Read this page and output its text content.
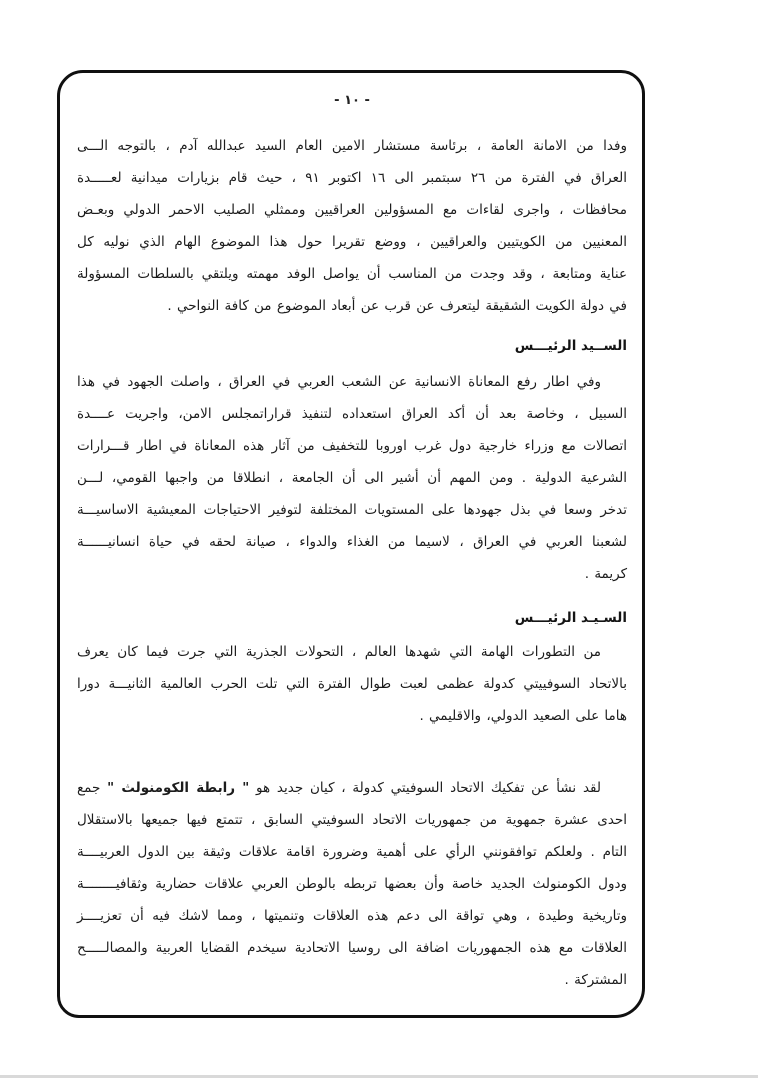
- ١٠ -
وفدا من الامانة العامة ، برئاسة مستشار الامين العام السيد عبدالله آدم ، بالتوجه الـــى
العراق في الفترة من ٢٦ سبتمبر الى ١٦ اكتوبر ٩١ ، حيث قام بزيارات ميدانية لعـــــدة
محافظات ، واجرى لقاءات مع المسؤولين العراقيين وممثلي الصليب الاحمر الدولي وبعـض
المعنيين من الكويتيين والعراقيين ، ووضع تقريرا حول هذا الموضوع الهام الذي نوليه كل
عناية ومتابعة ، وقد وجدت من المناسب أن يواصل الوفد مهمته ويلتقي بالسلطات المسؤولة
في دولة الكويت الشقيقة ليتعرف عن قرب عن أبعاد الموضوع من كافة النواحي .
الســيد الرئيـــس
وفي اطار رفع المعاناة الانسانية عن الشعب العربي في العراق ، واصلت الجهود في هذا
السبيل ، وخاصة بعد أن أكد العراق استعداده لتنفيذ قراراتمجلس الامن، واجريت عــــدة
اتصالات مع وزراء خارجية دول غرب اوروبا للتخفيف من آثار هذه المعاناة في اطار قـــرارات
الشرعية الدولية . ومن المهم أن أشير الى أن الجامعة ، انطلاقا من واجبها القومي، لـــن
تدخر وسعا في بذل جهودها على المستويات المختلفة لتوفير الاحتياجات المعيشية الاساسيـــة
لشعبنا العربي في العراق ، لاسيما من الغذاء والدواء ، صيانة لحقه في حياة انسانيــــــة
كريمة .
السـيـد الرئيـــس
من التطورات الهامة التي شهدها العالم ، التحولات الجذرية التي جرت فيما كان يعرف
بالاتحاد السوفييتي كدولة عظمى لعبت طوال الفترة التي تلت الحرب العالمية الثانيـــة دورا
هاما على الصعيد الدولي، والاقليمي .
لقد نشأ عن تفكيك الاتحاد السوفيتي كدولة ، كيان جديد هو " رابطة الكومنولث " جمع
احدى عشرة جمهوية من جمهوريات الاتحاد السوفيتي السابق ، تتمتع فيها جميعها بالاستقلال
التام . ولعلكم توافقونني الرأي على أهمية وضرورة اقامة علاقات وثيقة بين الدول العربيــــة
ودول الكومنولث الجديد خاصة وأن بعضها تربطه بالوطن العربي علاقات حضارية وثقافيــــــــة
وتاريخية وطيدة ، وهي تواقة الى دعم هذه العلاقات وتنميتها ، ومما لاشك فيه أن تعزيــــز
العلاقات مع هذه الجمهوريات اضافة الى روسيا الاتحادية سيخدم القضايا العربية والمصالـــــح
المشتركة .
